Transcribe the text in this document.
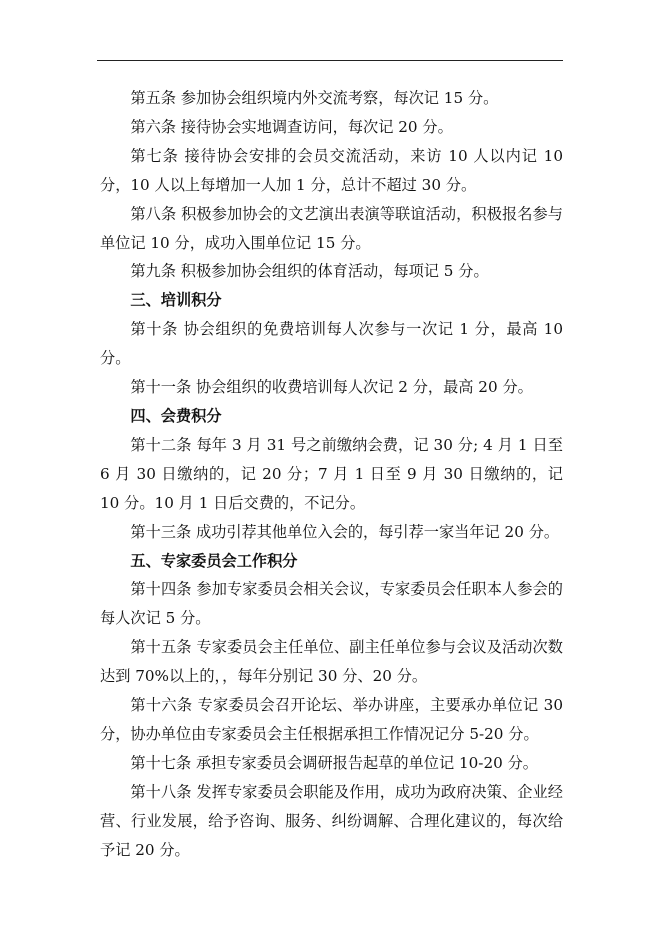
第五条 参加协会组织境内外交流考察，每次记 15 分。

第六条 接待协会实地调查访问，每次记 20 分。

第七条 接待协会安排的会员交流活动，来访 10 人以内记 10 分，10 人以上每增加一人加 1 分，总计不超过 30 分。

第八条 积极参加协会的文艺演出表演等联谊活动，积极报名参与单位记 10 分，成功入围单位记 15 分。

第九条 积极参加协会组织的体育活动，每项记 5 分。

三、培训积分

第十条 协会组织的免费培训每人次参与一次记 1 分，最高 10 分。

第十一条 协会组织的收费培训每人次记 2 分，最高 20 分。

四、会费积分

第十二条 每年 3 月 31 号之前缴纳会费，记 30 分; 4 月 1 日至 6 月 30 日缴纳的，记 20 分；7 月 1 日至 9 月 30 日缴纳的，记 10 分。10 月 1 日后交费的，不记分。

第十三条 成功引荐其他单位入会的，每引荐一家当年记 20 分。

五、专家委员会工作积分

第十四条 参加专家委员会相关会议，专家委员会任职本人参会的每人次记 5 分。

第十五条 专家委员会主任单位、副主任单位参与会议及活动次数达到 70%以上的，，每年分别记 30 分、20 分。

第十六条 专家委员会召开论坛、举办讲座，主要承办单位记 30 分，协办单位由专家委员会主任根据承担工作情况记分 5-20 分。

第十七条 承担专家委员会调研报告起草的单位记 10-20 分。

第十八条 发挥专家委员会职能及作用，成功为政府决策、企业经营、行业发展，给予咨询、服务、纠纷调解、合理化建议的，每次给予记 20 分。
